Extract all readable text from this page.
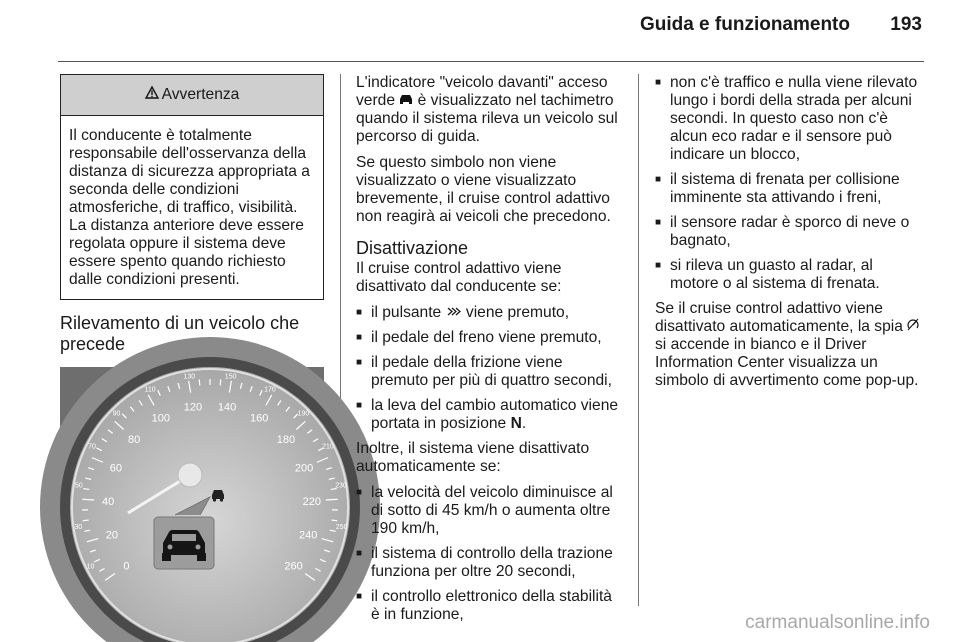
Guida e funzionamento	193
Avvertenza
Il conducente è totalmente responsabile dell'osservanza della distanza di sicurezza appropriata a seconda delle condizioni atmosferiche, di traffico, visibilità. La distanza anteriore deve essere regolata oppure il sistema deve essere spento quando richiesto dalle condizioni presenti.
Rilevamento di un veicolo che precede
0
20
40
60
80
100
120 140
160
180
200
220
240
260
10
30
50
70
90
110
130	150
170
190
210
230
250

L'indicatore "veicolo davanti" acceso verde  è visualizzato nel tachimetro quando il sistema rileva un veicolo sul percorso di guida.

Se questo simbolo non viene visualizzato o viene visualizzato brevemente, il cruise control adattivo non reagirà ai veicoli che precedono.

Disattivazione

Il cruise control adattivo viene disattivato dal conducente se:

■ il pulsante  viene premuto,
■ il pedale del freno viene premuto,
■ il pedale della frizione viene premuto per più di quattro secondi,
■ la leva del cambio automatico viene portata in posizione N.

Inoltre, il sistema viene disattivato automaticamente se:

■ la velocità del veicolo diminuisce al di sotto di 45 km/h o aumenta oltre 190 km/h,
■ il sistema di controllo della trazione funziona per oltre 20 secondi,
■ il controllo elettronico della stabilità è in funzione,
■ non c'è traffico e nulla viene rilevato lungo i bordi della strada per alcuni secondi. In questo caso non c'è alcun eco radar e il sensore può indicare un blocco,
■ il sistema di frenata per collisione imminente sta attivando i freni,
■ il sensore radar è sporco di neve o bagnato,
■ si rileva un guasto al radar, al motore o al sistema di frenata.

Se il cruise control adattivo viene disattivato automaticamente, la spia  si accende in bianco e il Driver Information Center visualizza un simbolo di avvertimento come pop-up.

carmanualsonline.info
